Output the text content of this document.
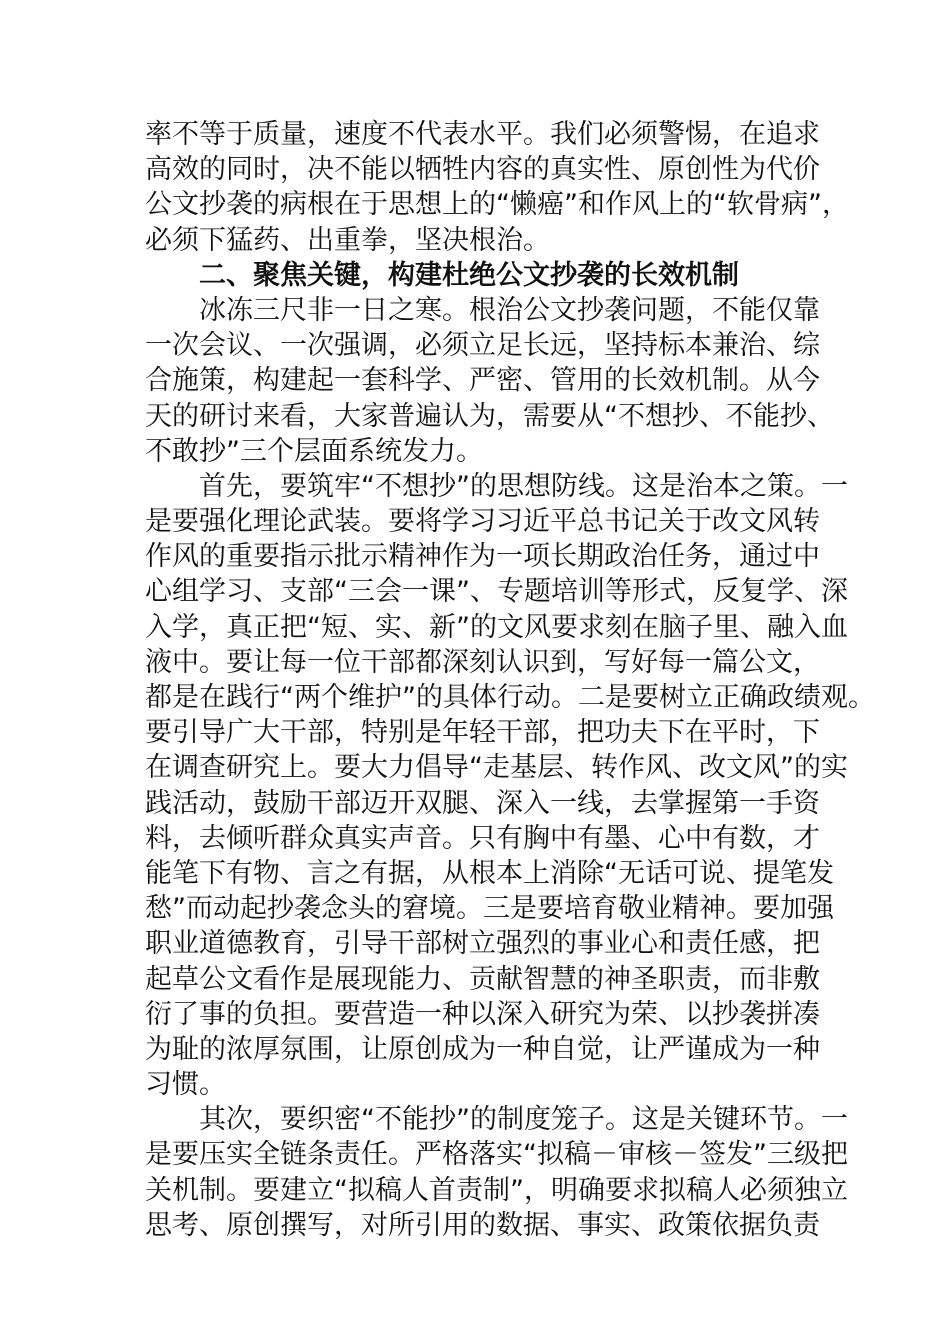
率不等于质量，速度不代表水平。我们必须警惕，在追求
高效的同时，决不能以牺牲内容的真实性、原创性为代价
公文抄袭的病根在于思想上的“懒癌”和作风上的“软骨病”，
必须下猛药、出重拳，坚决根治。
二、聚焦关键，构建杜绝公文抄袭的长效机制
冰冻三尺非一日之寒。根治公文抄袭问题，不能仅靠
一次会议、一次强调，必须立足长远，坚持标本兼治、综
合施策，构建起一套科学、严密、管用的长效机制。从今
天的研讨来看，大家普遍认为，需要从“不想抄、不能抄、
不敢抄”三个层面系统发力。
首先，要筑牢“不想抄”的思想防线。这是治本之策。一
是要强化理论武装。要将学习习近平总书记关于改文风转
作风的重要指示批示精神作为一项长期政治任务，通过中
心组学习、支部“三会一课”、专题培训等形式，反复学、深
入学，真正把“短、实、新”的文风要求刻在脑子里、融入血
液中。要让每一位干部都深刻认识到，写好每一篇公文，
都是在践行“两个维护”的具体行动。二是要树立正确政绩观。
要引导广大干部，特别是年轻干部，把功夫下在平时，下
在调查研究上。要大力倡导“走基层、转作风、改文风”的实
践活动，鼓励干部迈开双腿、深入一线，去掌握第一手资
料，去倾听群众真实声音。只有胸中有墨、心中有数，才
能笔下有物、言之有据，从根本上消除“无话可说、提笔发
愁”而动起抄袭念头的窘境。三是要培育敬业精神。要加强
职业道德教育，引导干部树立强烈的事业心和责任感，把
起草公文看作是展现能力、贡献智慧的神圣职责，而非敷
衍了事的负担。要营造一种以深入研究为荣、以抄袭拼凑
为耻的浓厚氛围，让原创成为一种自觉，让严谨成为一种
习惯。
其次，要织密“不能抄”的制度笼子。这是关键环节。一
是要压实全链条责任。严格落实“拟稿－审核－签发”三级把
关机制。要建立“拟稿人首责制”，明确要求拟稿人必须独立
思考、原创撰写，对所引用的数据、事实、政策依据负责
